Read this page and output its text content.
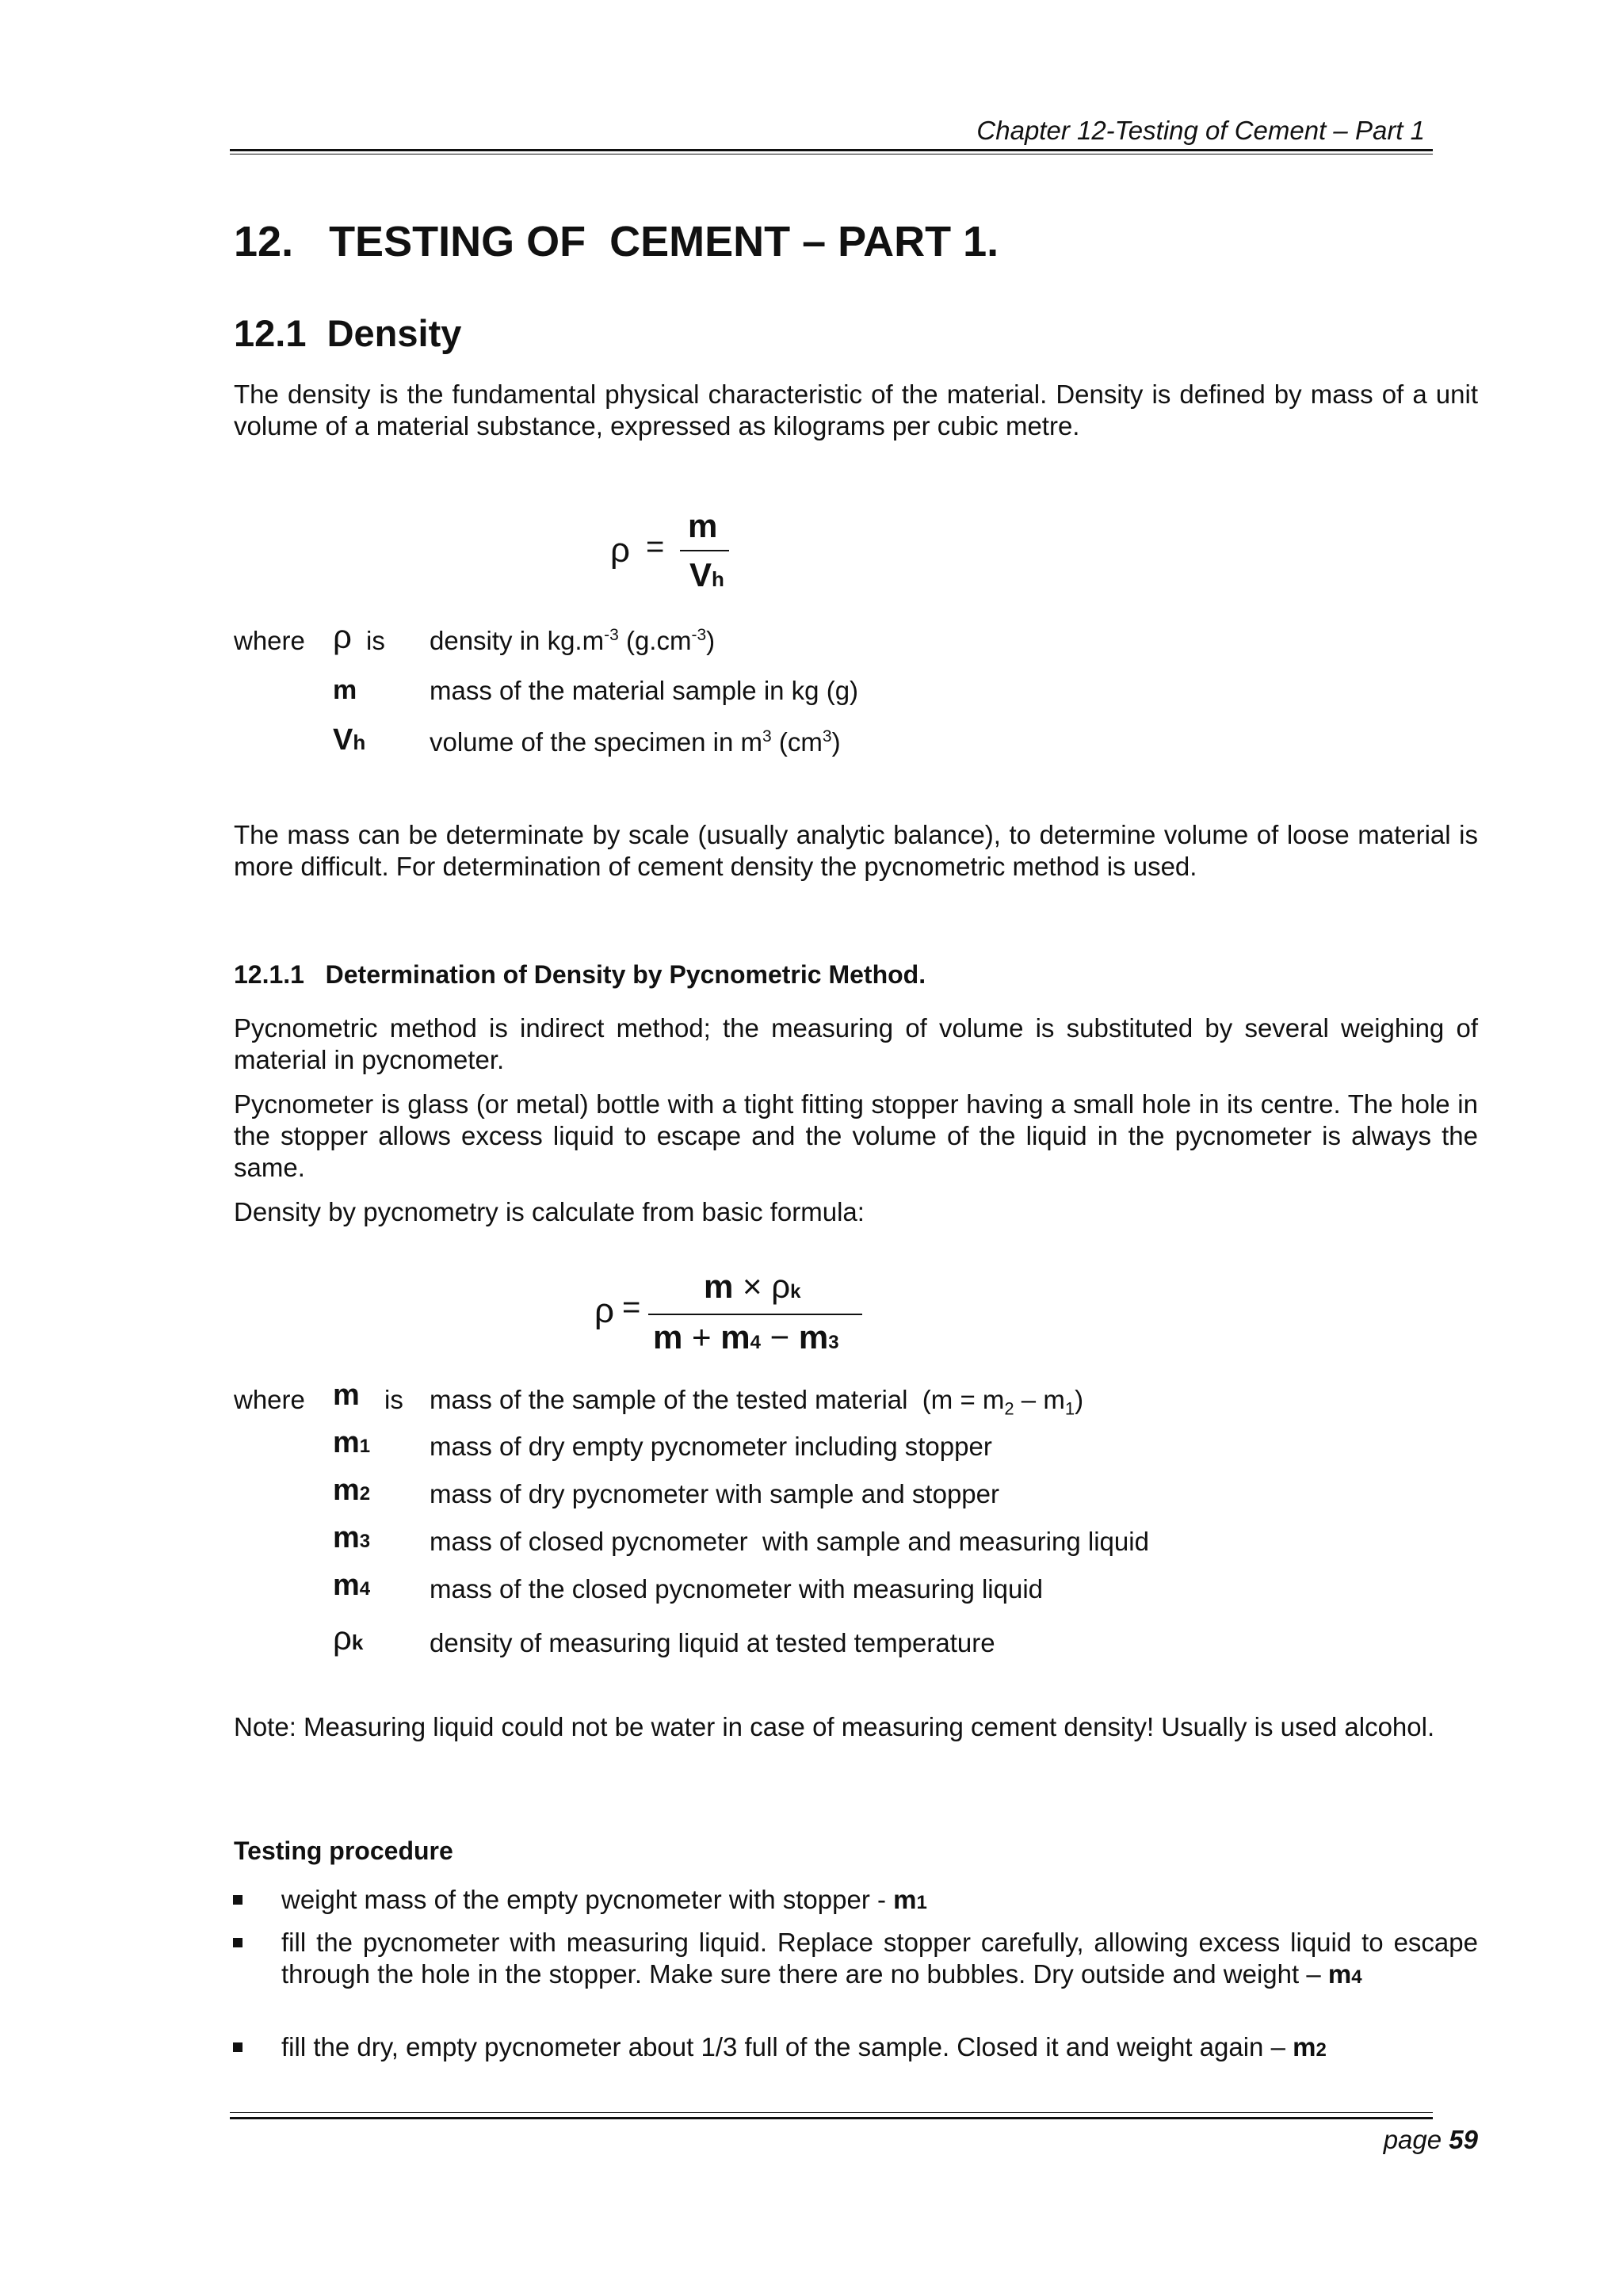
Chapter 12-Testing of Cement – Part 1
12.   TESTING OF  CEMENT – PART 1.
12.1  Density
The density is the fundamental physical characteristic of the material. Density is defined by mass of a unit volume of a material substance, expressed as kilograms per cubic metre.
ρ =
m
Vh
where ρ is density in $kg.m^{-3}$ $(g.cm^{-3})$
m	mass of the material sample in kg (g)
Vh volume of the specimen in $m^3$ $(cm^3)$
The mass can be determinate by scale (usually analytic balance), to determine volume of loose material is more difficult. For determination of cement density the pycnometric method is used.
12.1.1   Determination of Density by Pycnometric Method.
Pycnometric method is indirect method; the measuring of volume is substituted by several weighing of material in pycnometer.
Pycnometer is glass (or metal) bottle with a tight fitting stopper having a small hole in its centre. The hole in the stopper allows excess liquid to escape and the volume of the liquid in the pycnometer is always the same.
Density by pycnometry is calculate from basic formula:
ρ =
m × ρk
m + m4 − m3
where m is mass of the sample of the tested material  $(m = m_2 - m_1)$
m1 mass of dry empty pycnometer including stopper
m2 mass of dry pycnometer with sample and stopper
m3 mass of closed pycnometer  with sample and measuring liquid
m4 mass of the closed pycnometer with measuring liquid
ρk	density of measuring liquid at tested temperature
Note: Measuring liquid could not be water in case of measuring cement density! Usually is used alcohol.
Testing procedure
weight mass of the empty pycnometer with stopper - m1
fill the pycnometer with measuring liquid. Replace stopper carefully, allowing excess liquid to escape through the hole in the stopper. Make sure there are no bubbles. Dry outside and weight – m4
fill the dry, empty pycnometer about 1/3 full of the sample. Closed it and weight again – m2
page 59
